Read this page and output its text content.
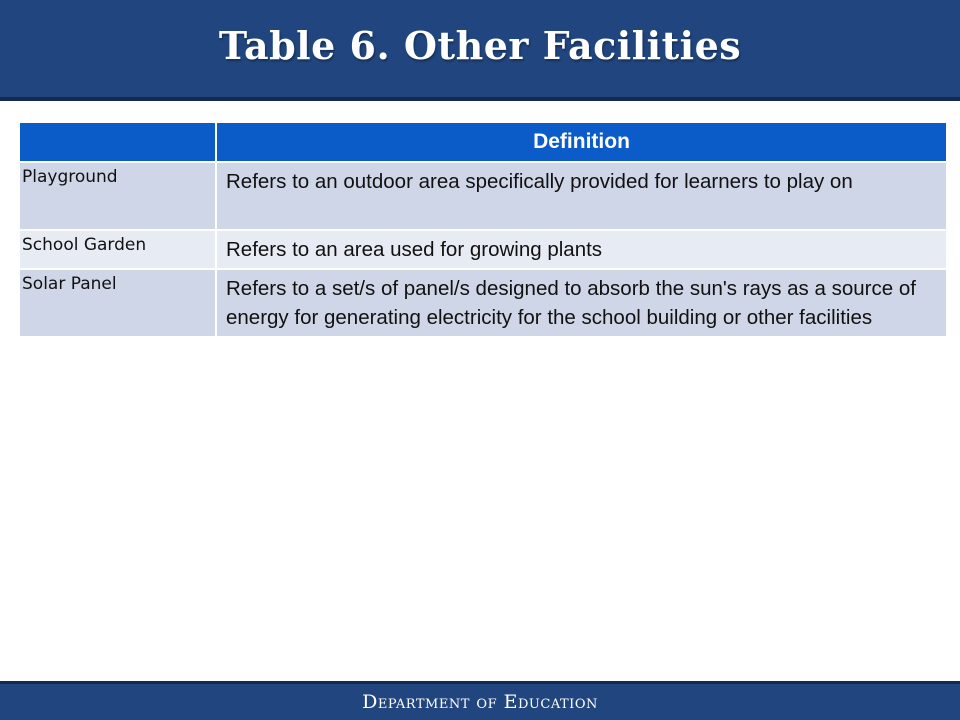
Table 6. Other Facilities
	Definition
Playground	Refers to an outdoor area specifically provided for learners to play on
School Garden	Refers to an area used for growing plants
Solar Panel	Refers to a set/s of panel/s designed to absorb the sun's rays as a source of energy for generating electricity for the school building or other facilities
Department of Education
